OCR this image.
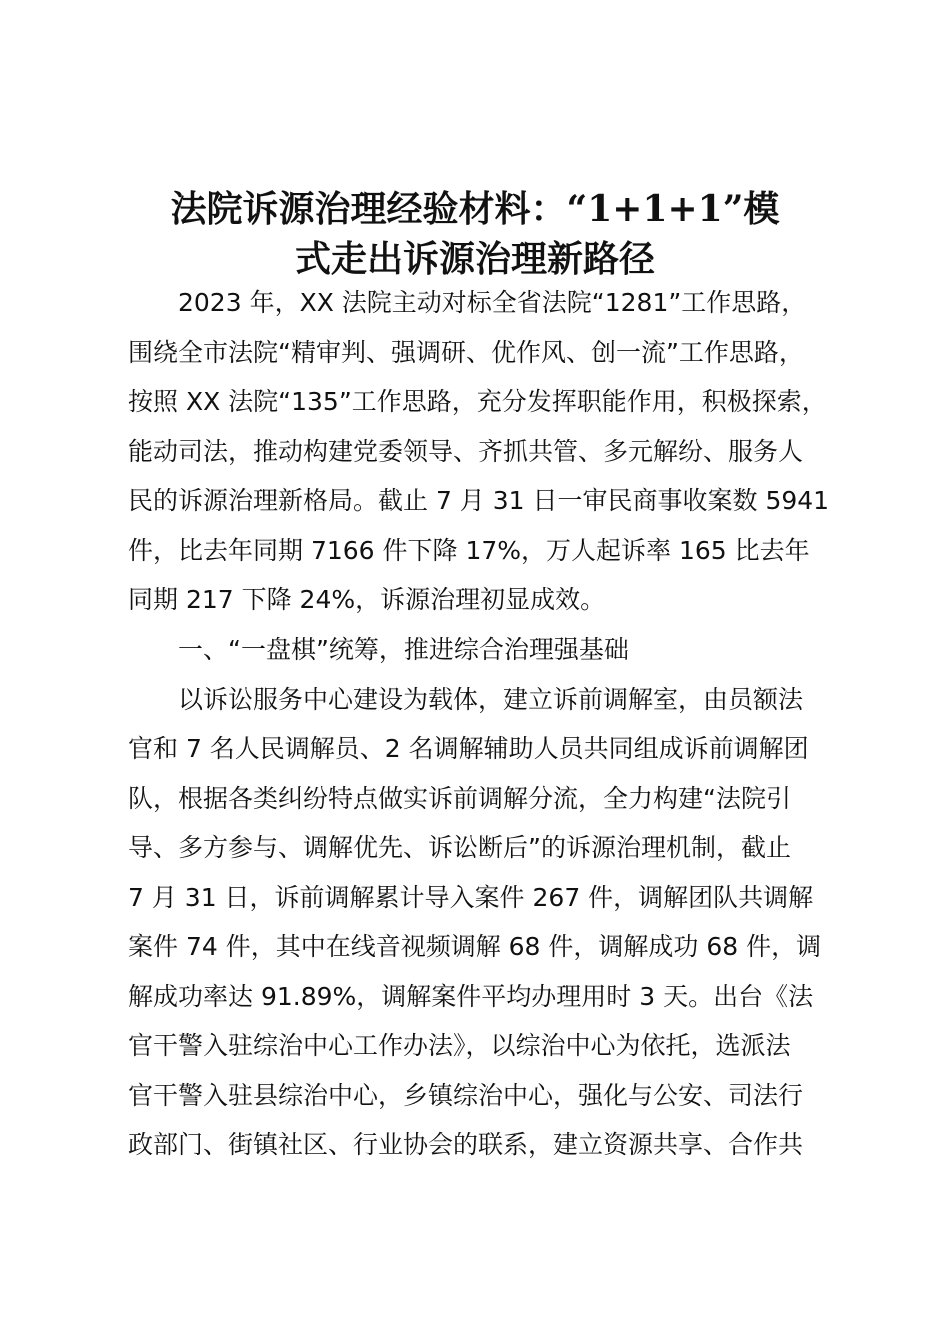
法院诉源治理经验材料：“1+1+1”模
式走出诉源治理新路径
2023 年，XX 法院主动对标全省法院“1281”工作思路，
围绕全市法院“精审判、强调研、优作风、创一流”工作思路，
按照 XX 法院“135”工作思路，充分发挥职能作用，积极探索，
能动司法，推动构建党委领导、齐抓共管、多元解纷、服务人
民的诉源治理新格局。截止 7 月 31 日一审民商事收案数 5941
件，比去年同期 7166 件下降 17%，万人起诉率 165 比去年
同期 217 下降 24%，诉源治理初显成效。
一、“一盘棋”统筹，推进综合治理强基础
以诉讼服务中心建设为载体，建立诉前调解室，由员额法
官和 7 名人民调解员、2 名调解辅助人员共同组成诉前调解团
队，根据各类纠纷特点做实诉前调解分流，全力构建“法院引
导、多方参与、调解优先、诉讼断后”的诉源治理机制，截止
7 月 31 日，诉前调解累计导入案件 267 件，调解团队共调解
案件 74 件，其中在线音视频调解 68 件，调解成功 68 件，调
解成功率达 91.89%，调解案件平均办理用时 3 天。出台《法
官干警入驻综治中心工作办法》，以综治中心为依托，选派法
官干警入驻县综治中心，乡镇综治中心，强化与公安、司法行
政部门、街镇社区、行业协会的联系，建立资源共享、合作共
